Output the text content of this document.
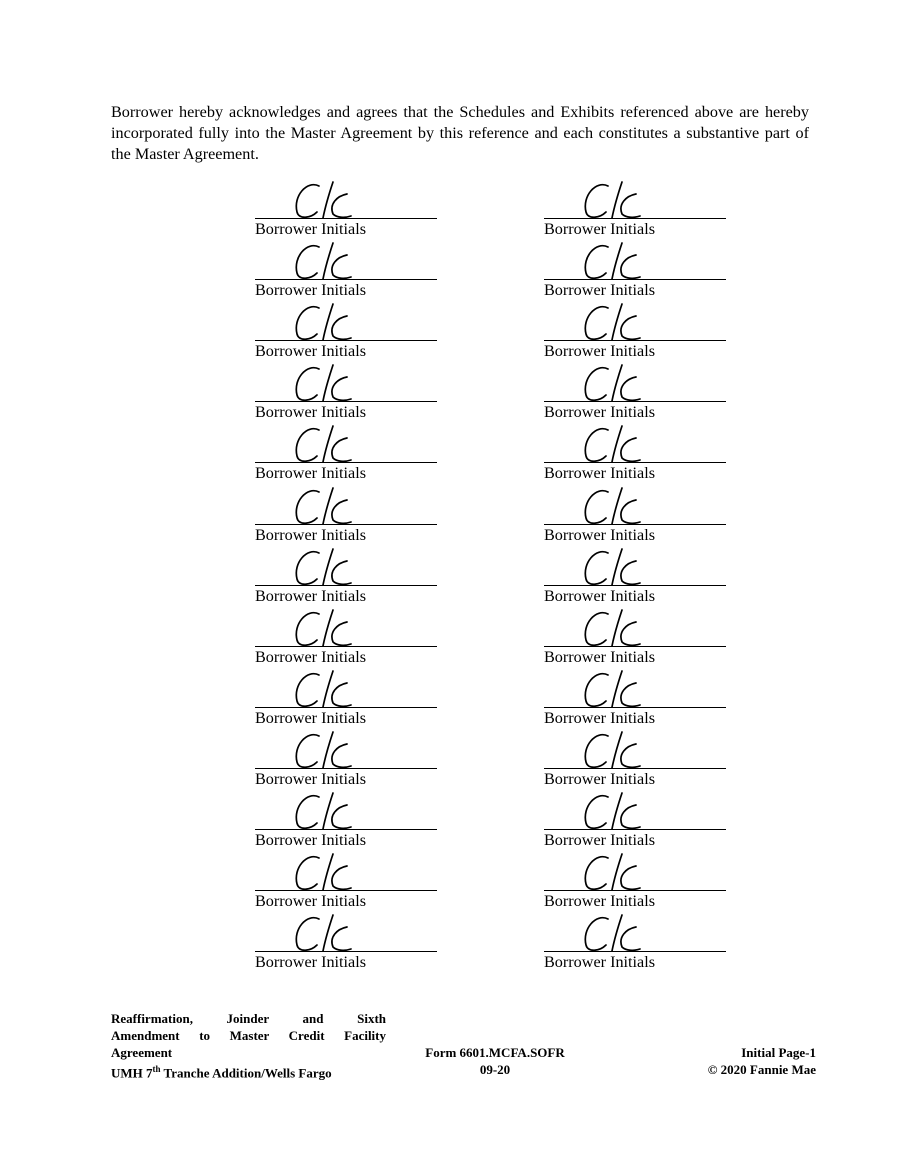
Borrower hereby acknowledges and agrees that the Schedules and Exhibits referenced above are hereby incorporated fully into the Master Agreement by this reference and each constitutes a substantive part of the Master Agreement.

Borrower Initials
Borrower Initials
Borrower Initials
Borrower Initials
Borrower Initials
Borrower Initials
Borrower Initials
Borrower Initials
Borrower Initials
Borrower Initials
Borrower Initials
Borrower Initials
Borrower Initials
Borrower Initials
Borrower Initials
Borrower Initials
Borrower Initials
Borrower Initials
Borrower Initials
Borrower Initials
Borrower Initials
Borrower Initials
Borrower Initials
Borrower Initials
Borrower Initials
Borrower Initials
Reaffirmation, Joinder and Sixth
Amendment to Master Credit Facility
Agreement
UMH 7th Tranche Addition/Wells Fargo
Form 6601.MCFA.SOFR
09-20
Initial Page-1
© 2020 Fannie Mae
